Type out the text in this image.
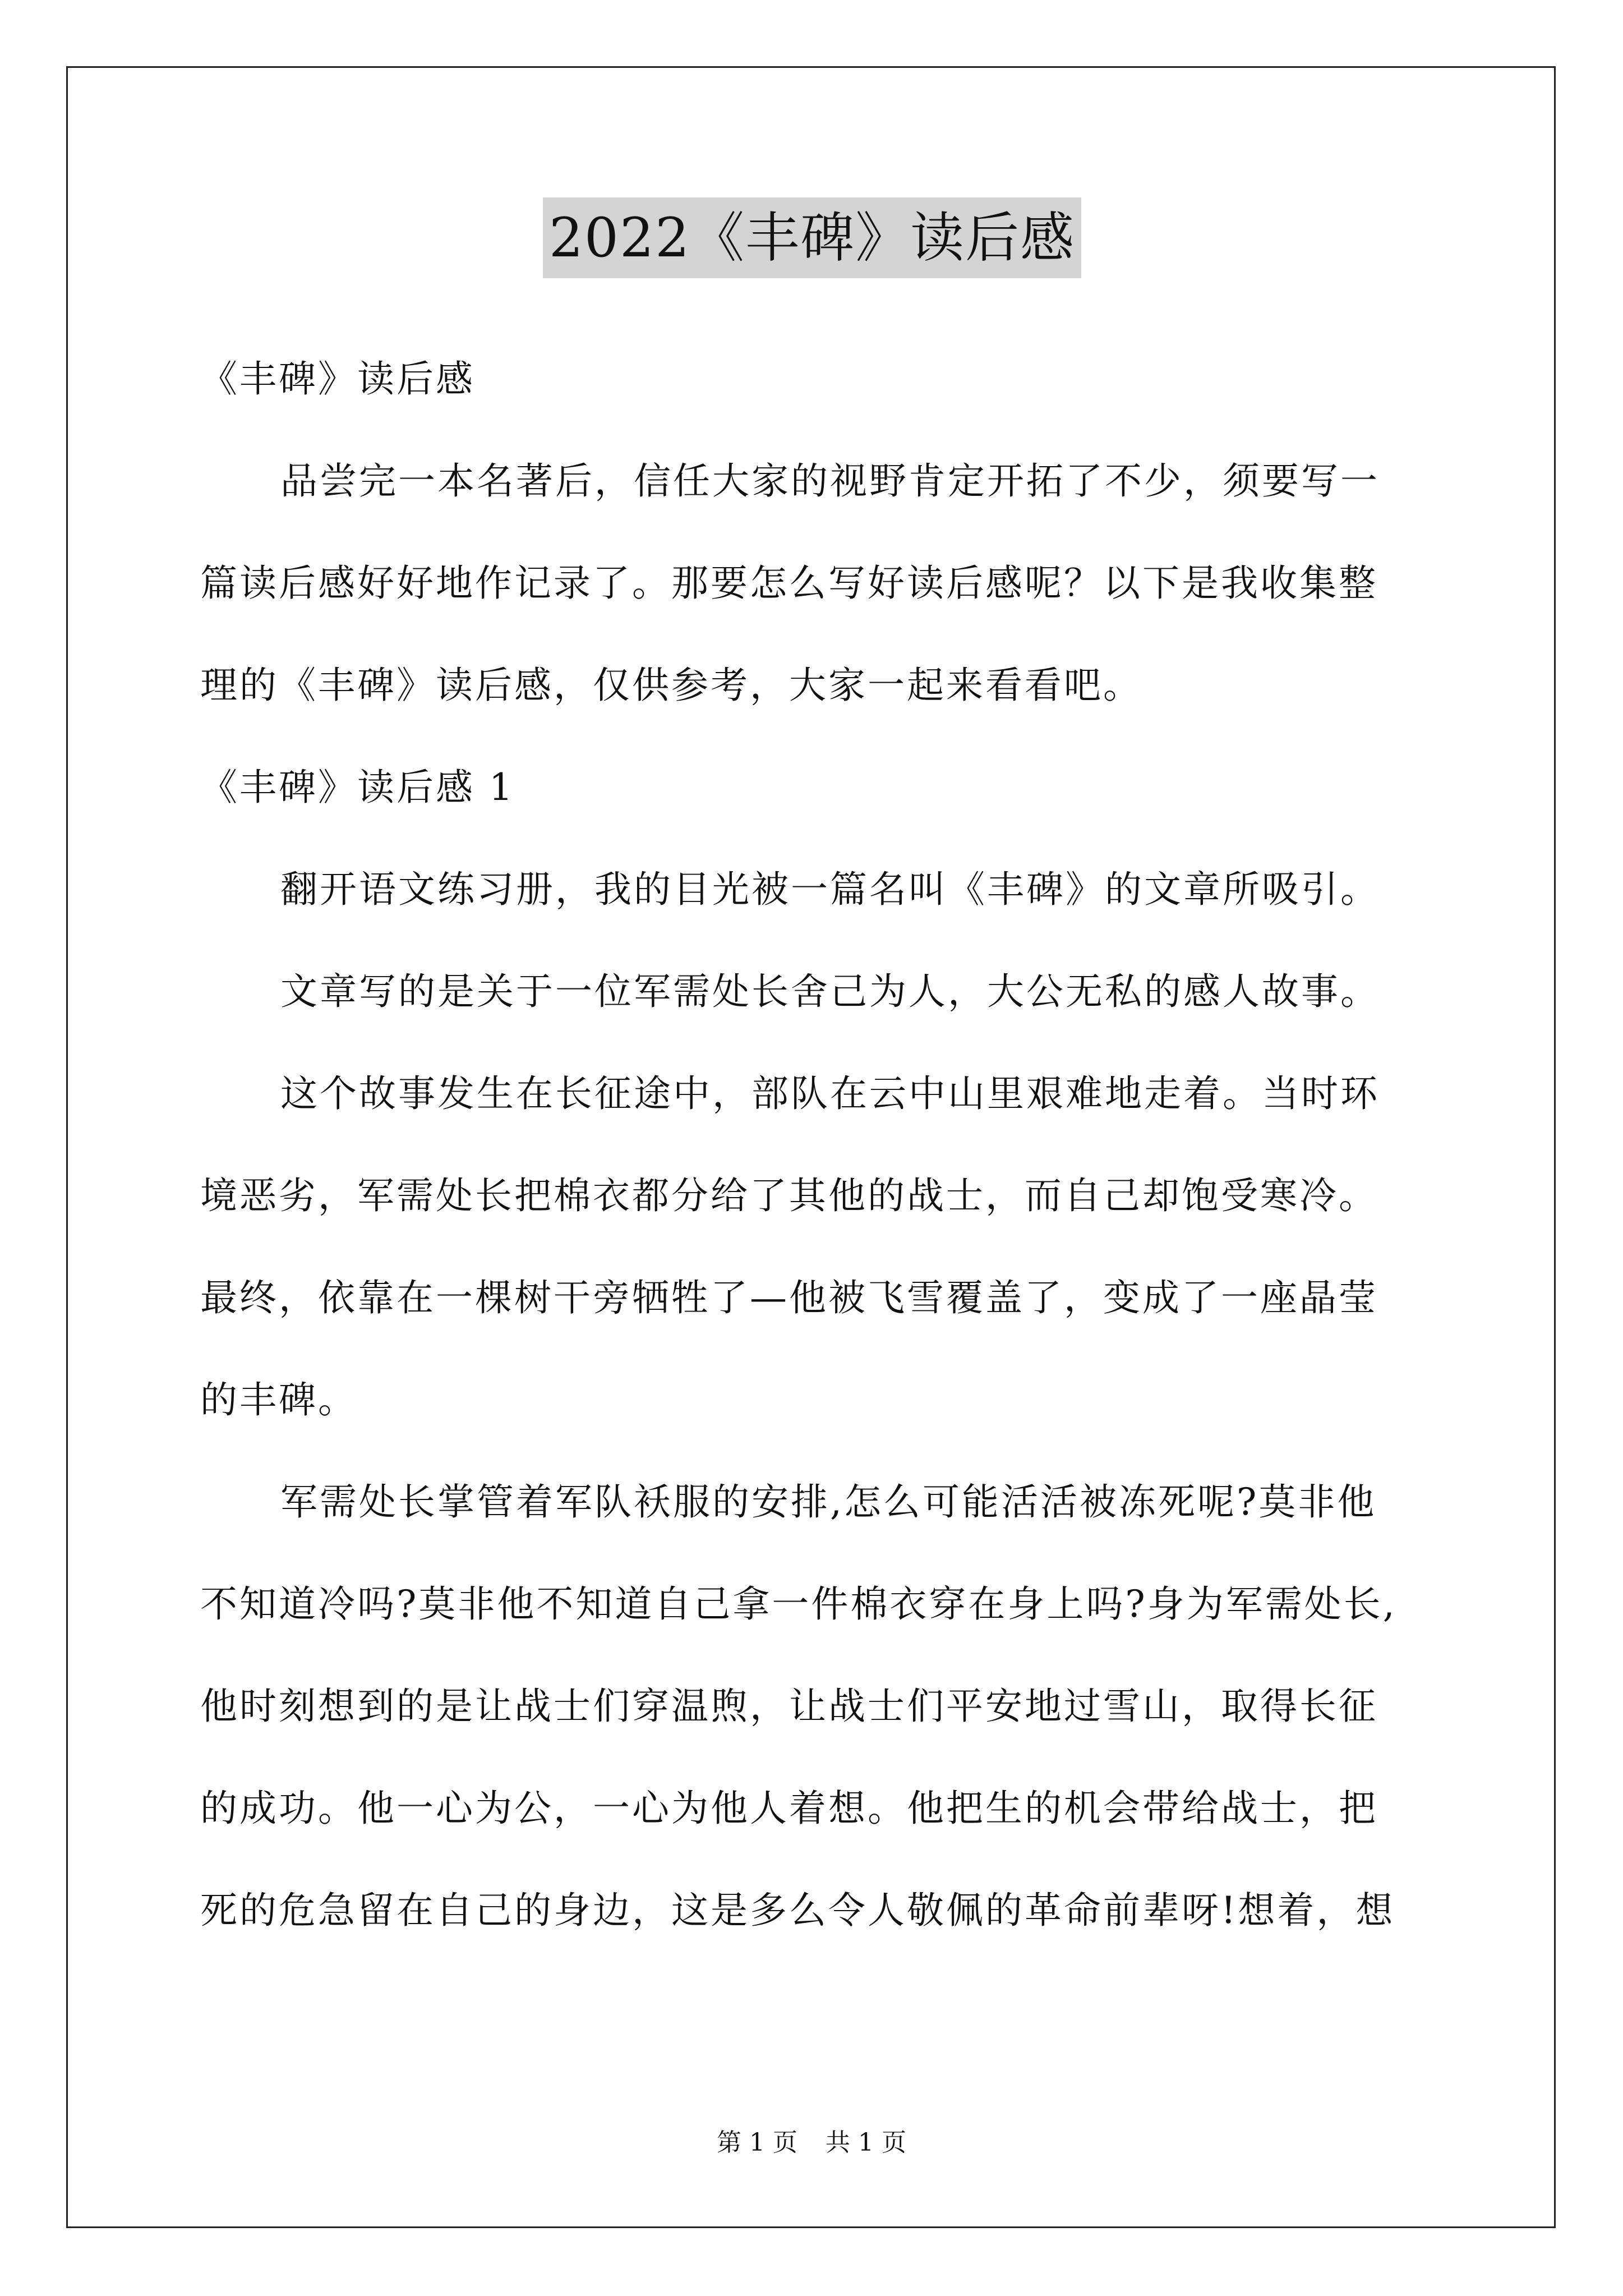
2022《丰碑》读后感
《丰碑》读后感
品尝完一本名著后，信任大家的视野肯定开拓了不少，须要写一
篇读后感好好地作记录了。那要怎么写好读后感呢？以下是我收集整
理的《丰碑》读后感，仅供参考，大家一起来看看吧。
《丰碑》读后感 1
翻开语文练习册，我的目光被一篇名叫《丰碑》的文章所吸引。
文章写的是关于一位军需处长舍己为人，大公无私的感人故事。
这个故事发生在长征途中，部队在云中山里艰难地走着。当时环
境恶劣，军需处长把棉衣都分给了其他的战士，而自己却饱受寒冷。
最终，依靠在一棵树干旁牺牲了—他被飞雪覆盖了，变成了一座晶莹
的丰碑。
军需处长掌管着军队袄服的安排,怎么可能活活被冻死呢?莫非他
不知道冷吗?莫非他不知道自己拿一件棉衣穿在身上吗?身为军需处长,
他时刻想到的是让战士们穿温煦，让战士们平安地过雪山，取得长征
的成功。他一心为公，一心为他人着想。他把生的机会带给战士，把
死的危急留在自己的身边，这是多么令人敬佩的革命前辈呀!想着，想
第 1 页 共 1 页
